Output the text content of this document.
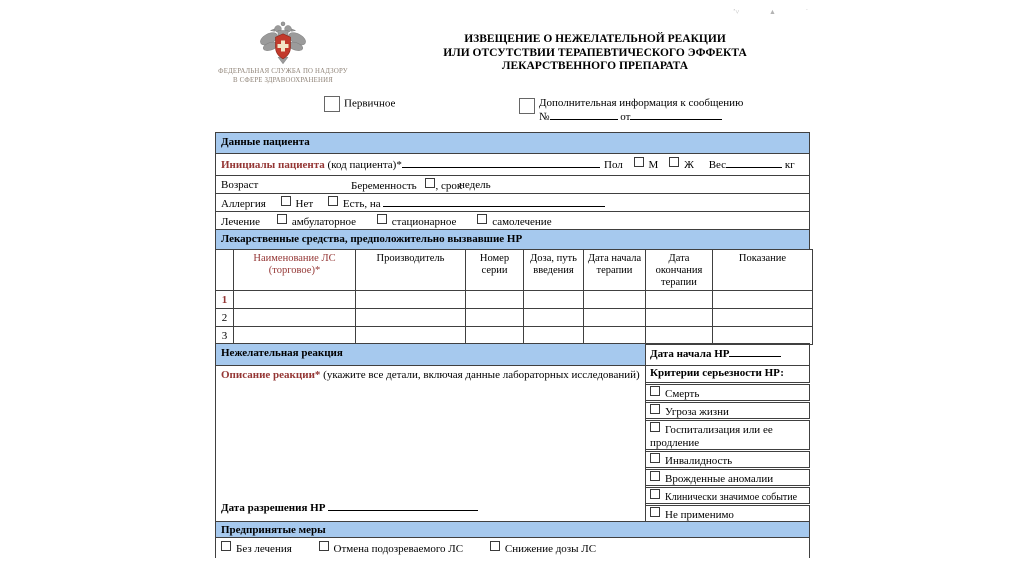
ʼ˅ ▲ ˙
ФЕДЕРАЛЬНАЯ СЛУЖБА ПО НАДЗОРУ
В СФЕРЕ ЗДРАВООХРАНЕНИЯ
ИЗВЕЩЕНИЕ О НЕЖЕЛАТЕЛЬНОЙ РЕАКЦИИ
ИЛИ ОТСУТСТВИИ ТЕРАПЕВТИЧЕСКОГО ЭФФЕКТА
ЛЕКАРСТВЕННОГО ПРЕПАРАТА
Первичное	Дополнительная информация к сообщению
№	от
Данные пациента
Инициалы пациента (код пациента)*	Пол М Ж Вес	кг
Возраст	Беременность , срок
недель
Аллергия	Нет	Есть, на
Лечение	амбулаторное	стационарное	самолечение
Лекарственные средства, предположительно вызвавшие НР
	Наименование ЛС (торговое)*	Производитель	Номер серии	Доза, путь введения	Дата начала терапии	Дата окончания терапии	Показание
1							
2							
3							
Нежелательная реакция	Дата начала НР
Описание реакции* (укажите все детали, включая данные лабораторных исследований)
Дата разрешения НР
Критерии серьезности НР:
Смерть
Угроза жизни
Госпитализация или ее продление
Инвалидность
Врожденные аномалии
Клинически значимое событие
Не применимо
Предпринятые меры
Без лечения	Отмена подозреваемого ЛС	Снижение дозы ЛС
